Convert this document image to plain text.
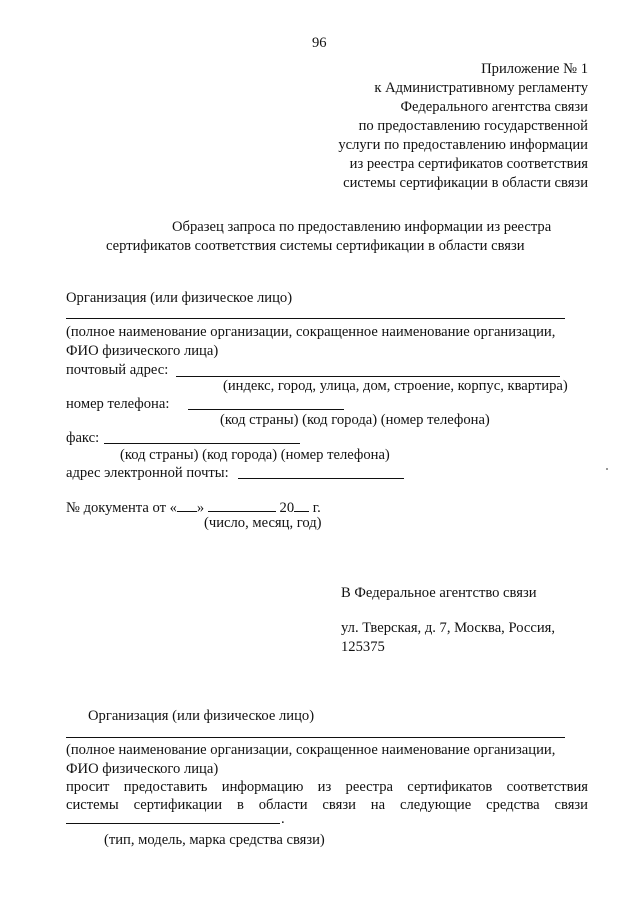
96
Приложение № 1
к Административному регламенту
Федерального агентства связи
по предоставлению государственной
услуги по предоставлению информации
из реестра сертификатов соответствия
системы сертификации в области связи
Образец запроса по предоставлению информации из реестра
сертификатов соответствия системы сертификации в области связи
Организация (или физическое лицо)
(полное наименование организации, сокращенное наименование организации,
ФИО физического лица)
почтовый адрес:
(индекс, город, улица, дом, строение, корпус, квартира)
номер телефона:
(код страны) (код города) (номер телефона)
факс:
(код страны) (код города) (номер телефона)
адрес электронной почты:
№ документа от « »	20 г.
(число, месяц, год)
В Федеральное агентство связи
ул. Тверская, д. 7, Москва, Россия,
125375
Организация (или физическое лицо)
(полное наименование организации, сокращенное наименование организации,
ФИО физического лица)
просит предоставить информацию из реестра сертификатов соответствия
системы сертификации в области связи на следующие средства связи
.
(тип, модель, марка средства связи)
